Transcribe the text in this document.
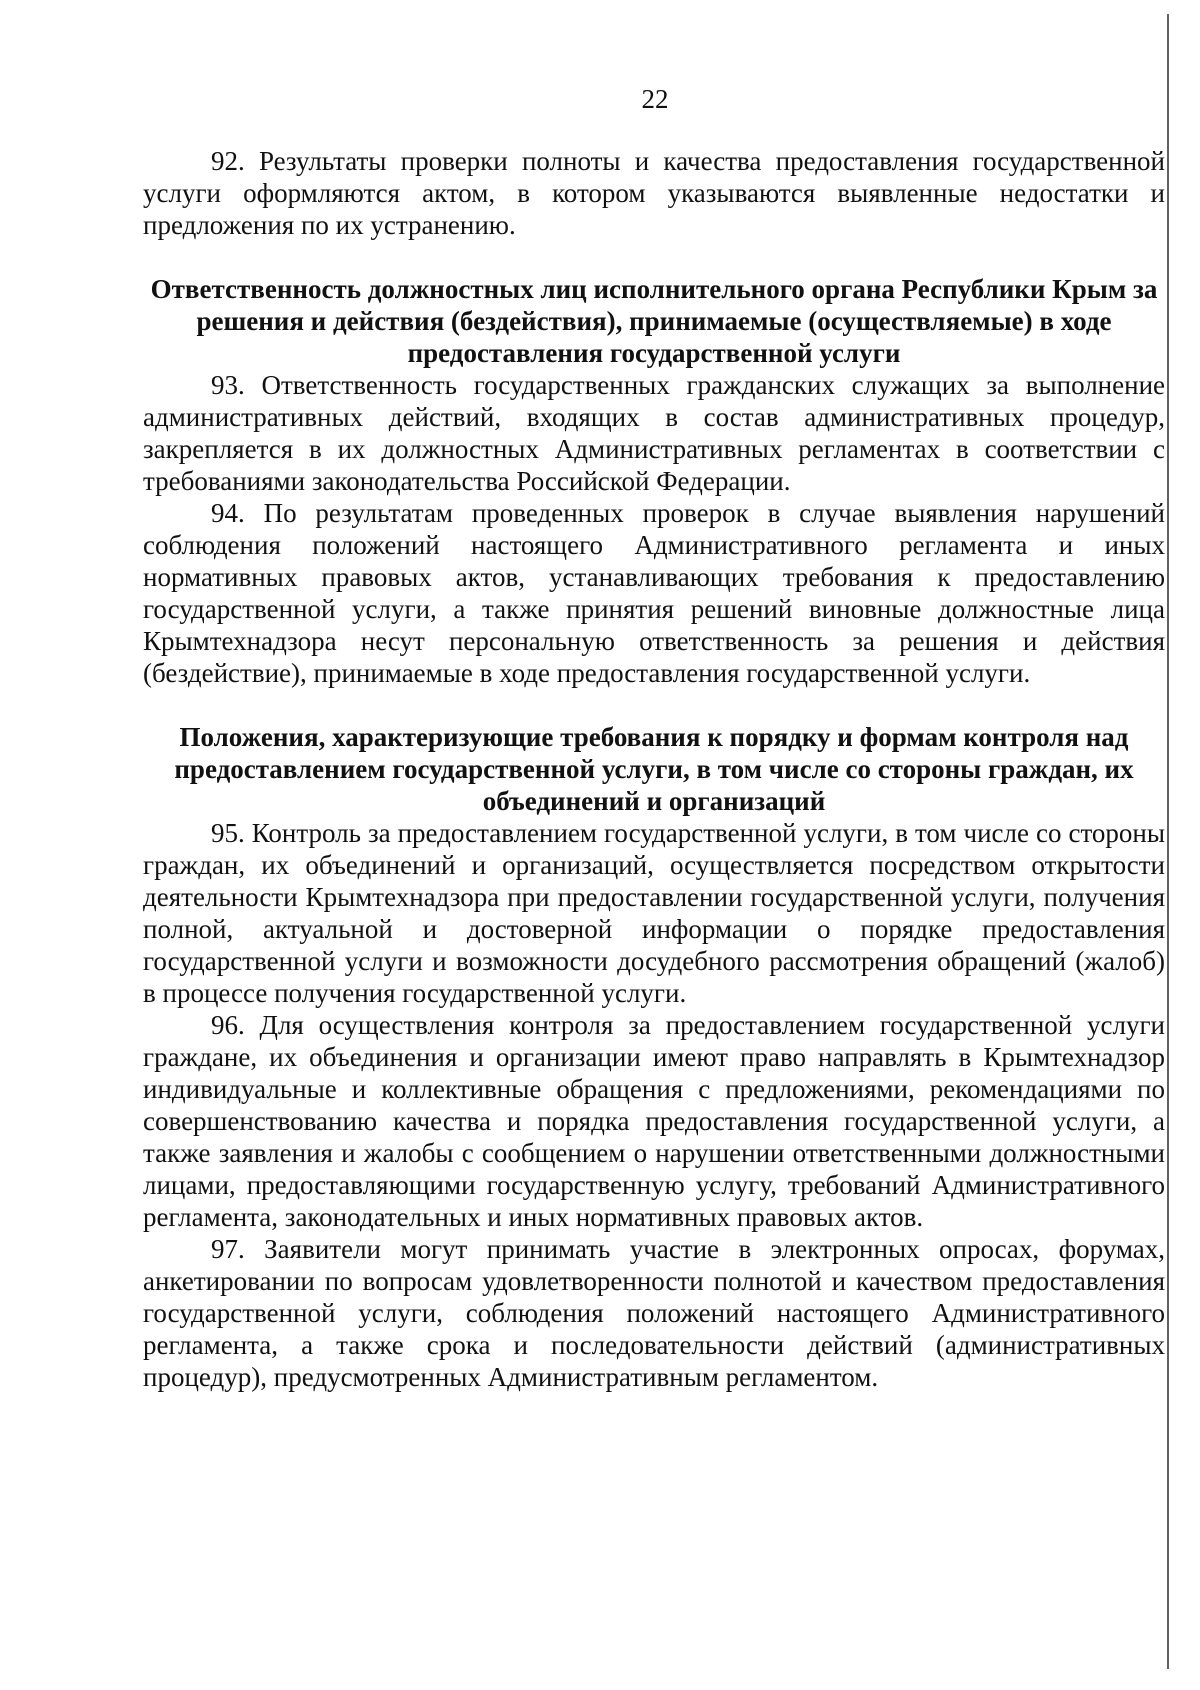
22

92. Результаты проверки полноты и качества предоставления государственной услуги оформляются актом, в котором указываются выявленные недостатки и предложения по их устранению.

Ответственность должностных лиц исполнительного органа Республики Крым за решения и действия (бездействия), принимаемые (осуществляемые) в ходе предоставления государственной услуги

93. Ответственность государственных гражданских служащих за выполнение административных действий, входящих в состав административных процедур, закрепляется в их должностных Административных регламентах в соответствии с требованиями законодательства Российской Федерации.

94. По результатам проведенных проверок в случае выявления нарушений соблюдения положений настоящего Административного регламента и иных нормативных правовых актов, устанавливающих требования к предоставлению государственной услуги, а также принятия решений виновные должностные лица Крымтехнадзора несут персональную ответственность за решения и действия (бездействие), принимаемые в ходе предоставления государственной услуги.

Положения, характеризующие требования к порядку и формам контроля над предоставлением государственной услуги, в том числе со стороны граждан, их объединений и организаций

95. Контроль за предоставлением государственной услуги, в том числе со стороны граждан, их объединений и организаций, осуществляется посредством открытости деятельности Крымтехнадзора при предоставлении государственной услуги, получения полной, актуальной и достоверной информации о порядке предоставления государственной услуги и возможности досудебного рассмотрения обращений (жалоб) в процессе получения государственной услуги.

96. Для осуществления контроля за предоставлением государственной услуги граждане, их объединения и организации имеют право направлять в Крымтехнадзор индивидуальные и коллективные обращения с предложениями, рекомендациями по совершенствованию качества и порядка предоставления государственной услуги, а также заявления и жалобы с сообщением о нарушении ответственными должностными лицами, предоставляющими государственную услугу, требований Административного регламента, законодательных и иных нормативных правовых актов.

97. Заявители могут принимать участие в электронных опросах, форумах, анкетировании по вопросам удовлетворенности полнотой и качеством предоставления государственной услуги, соблюдения положений настоящего Административного регламента, а также срока и последовательности действий (административных процедур), предусмотренных Административным регламентом.
